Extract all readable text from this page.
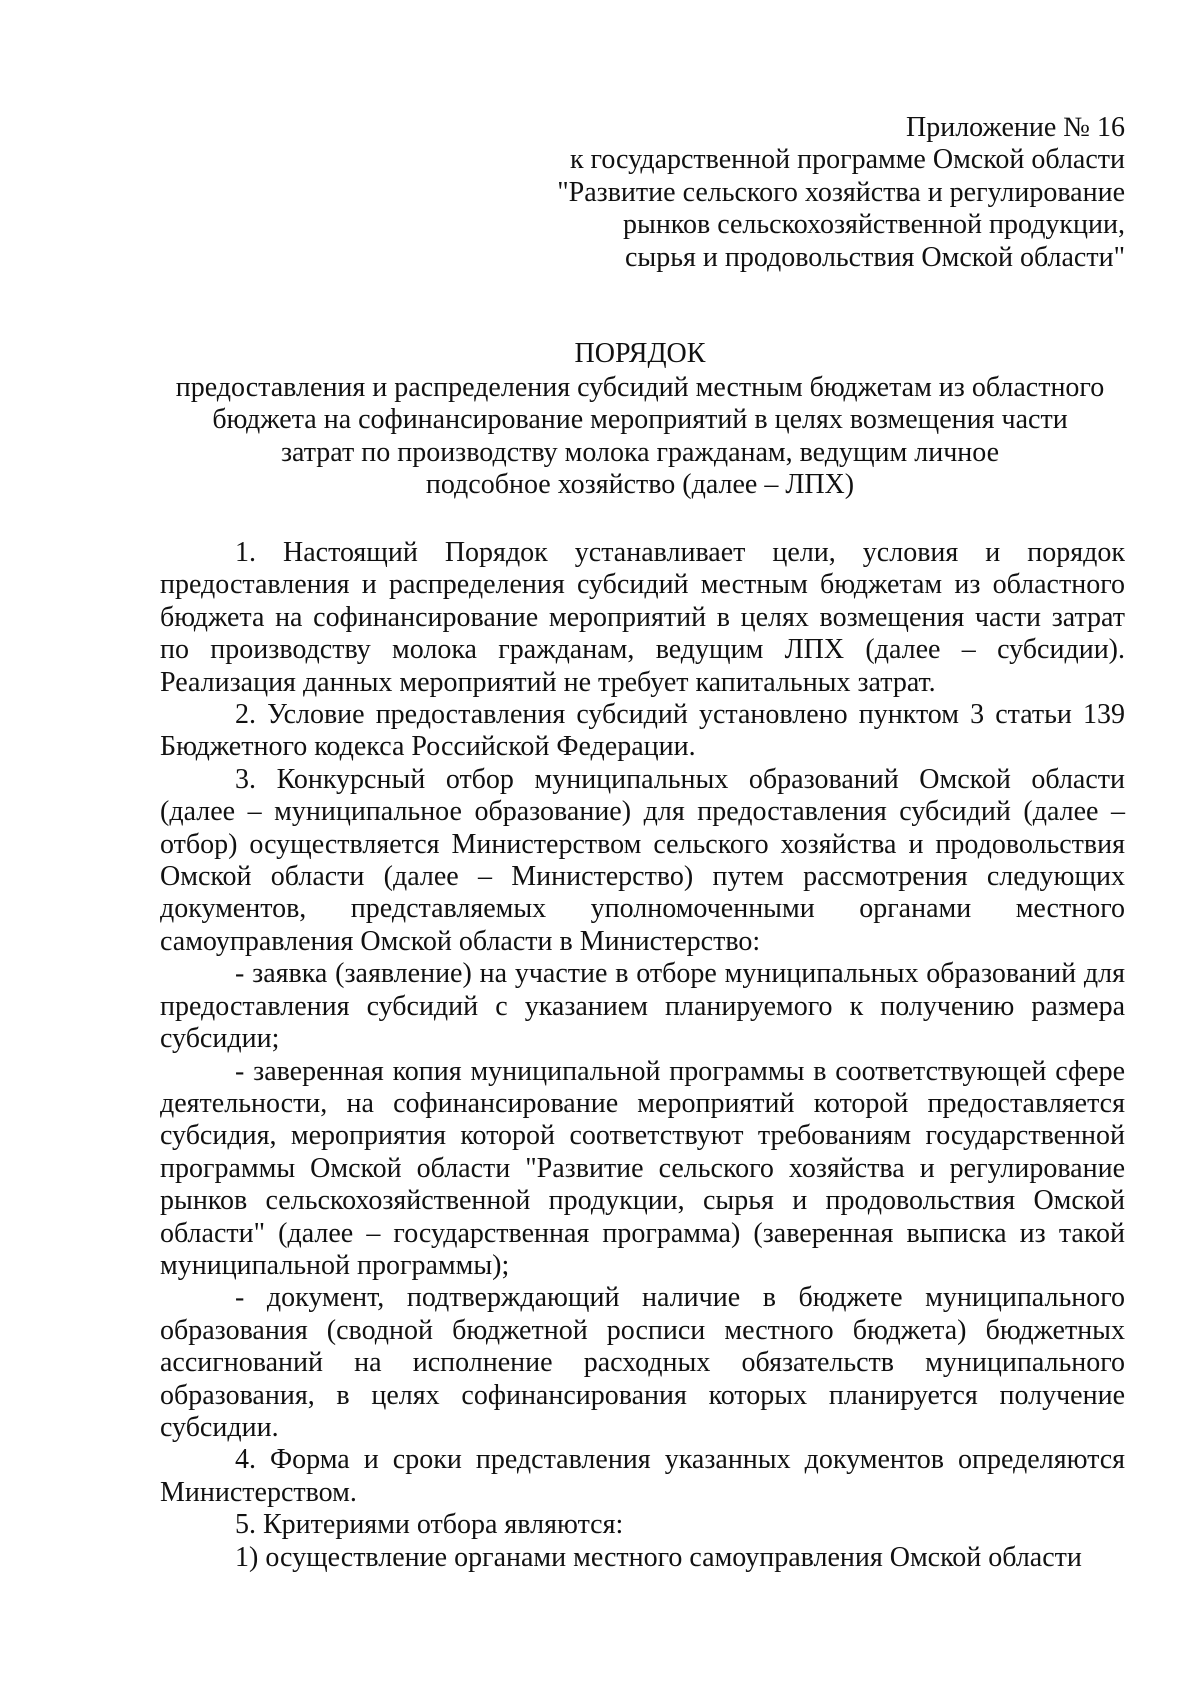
Приложение № 16
к государственной программе Омской области
"Развитие сельского хозяйства и регулирование
рынков сельскохозяйственной продукции,
сырья и продовольствия Омской области"
ПОРЯДОК
предоставления и распределения субсидий местным бюджетам из областного
бюджета на софинансирование мероприятий в целях возмещения части
затрат по производству молока гражданам, ведущим личное
подсобное хозяйство (далее – ЛПХ)

1. Настоящий Порядок устанавливает цели, условия и порядок предоставления и распределения субсидий местным бюджетам из областного бюджета на софинансирование мероприятий в целях возмещения части затрат по производству молока гражданам, ведущим ЛПХ (далее – субсидии). Реализация данных мероприятий не требует капитальных затрат.

2. Условие предоставления субсидий установлено пунктом 3 статьи 139 Бюджетного кодекса Российской Федерации.

3. Конкурсный отбор муниципальных образований Омской области (далее – муниципальное образование) для предоставления субсидий (далее – отбор) осуществляется Министерством сельского хозяйства и продовольствия Омской области (далее – Министерство) путем рассмотрения следующих документов, представляемых уполномоченными органами местного самоуправления Омской области в Министерство:

- заявка (заявление) на участие в отборе муниципальных образований для предоставления субсидий с указанием планируемого к получению размера субсидии;

- заверенная копия муниципальной программы в соответствующей сфере деятельности, на софинансирование мероприятий которой предоставляется субсидия, мероприятия которой соответствуют требованиям государственной программы Омской области "Развитие сельского хозяйства и регулирование рынков сельскохозяйственной продукции, сырья и продовольствия Омской области" (далее – государственная программа) (заверенная выписка из такой муниципальной программы);

- документ, подтверждающий наличие в бюджете муниципального образования (сводной бюджетной росписи местного бюджета) бюджетных ассигнований на исполнение расходных обязательств муниципального образования, в целях софинансирования которых планируется получение субсидии.

4. Форма и сроки представления указанных документов определяются Министерством.

5. Критериями отбора являются:

1) осуществление органами местного самоуправления Омской области
